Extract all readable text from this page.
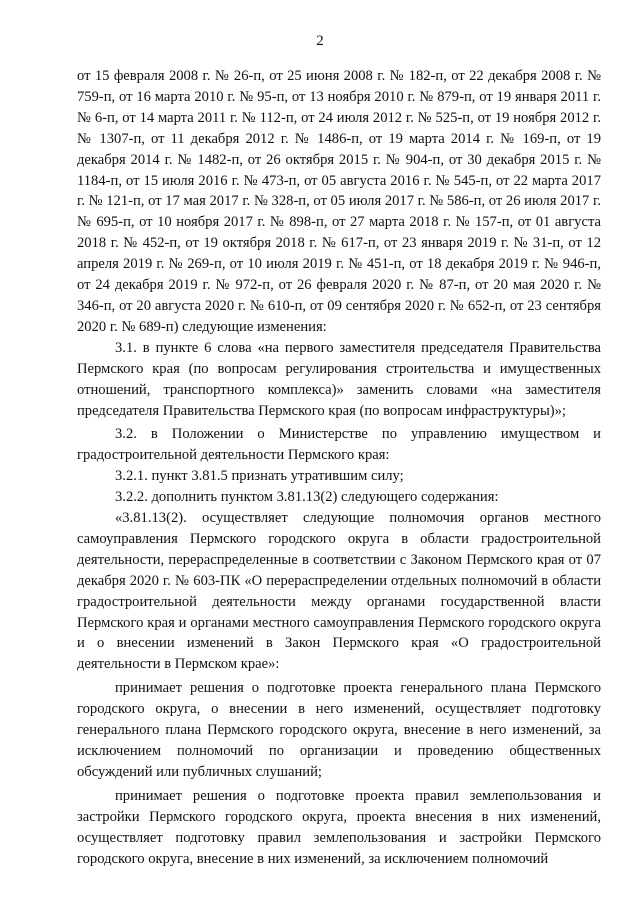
2

от 15 февраля 2008 г. № 26-п, от 25 июня 2008 г. № 182-п, от 22 декабря 2008 г. № 759-п, от 16 марта 2010 г. № 95-п, от 13 ноября 2010 г. № 879-п, от 19 января 2011 г. № 6-п, от 14 марта 2011 г. № 112-п, от 24 июля 2012 г. № 525-п, от 19 ноября 2012 г. № 1307-п, от 11 декабря 2012 г. № 1486-п, от 19 марта 2014 г. № 169-п, от 19 декабря 2014 г. № 1482-п, от 26 октября 2015 г. № 904-п, от 30 декабря 2015 г. № 1184-п, от 15 июля 2016 г. № 473-п, от 05 августа 2016 г. № 545-п, от 22 марта 2017 г. № 121-п, от 17 мая 2017 г. № 328-п, от 05 июля 2017 г. № 586-п, от 26 июля 2017 г. № 695-п, от 10 ноября 2017 г. № 898-п, от 27 марта 2018 г. № 157-п, от 01 августа 2018 г. № 452-п, от 19 октября 2018 г. № 617-п, от 23 января 2019 г. № 31-п, от 12 апреля 2019 г. № 269-п, от 10 июля 2019 г. № 451-п, от 18 декабря 2019 г. № 946-п, от 24 декабря 2019 г. № 972-п, от 26 февраля 2020 г. № 87-п, от 20 мая 2020 г. № 346-п, от 20 августа 2020 г. № 610-п, от 09 сентября 2020 г. № 652-п, от 23 сентября 2020 г. № 689-п) следующие изменения:

3.1. в пункте 6 слова «на первого заместителя председателя Правительства Пермского края (по вопросам регулирования строительства и имущественных отношений, транспортного комплекса)» заменить словами «на заместителя председателя Правительства Пермского края (по вопросам инфраструктуры)»;

3.2. в Положении о Министерстве по управлению имуществом и градостроительной деятельности Пермского края:

3.2.1. пункт 3.81.5 признать утратившим силу;

3.2.2. дополнить пунктом 3.81.13(2) следующего содержания:

«3.81.13(2). осуществляет следующие полномочия органов местного самоуправления Пермского городского округа в области градостроительной деятельности, перераспределенные в соответствии с Законом Пермского края от 07 декабря 2020 г. № 603-ПК «О перераспределении отдельных полномочий в области градостроительной деятельности между органами государственной власти Пермского края и органами местного самоуправления Пермского городского округа и о внесении изменений в Закон Пермского края «О градостроительной деятельности в Пермском крае»:

принимает решения о подготовке проекта генерального плана Пермского городского округа, о внесении в него изменений, осуществляет подготовку генерального плана Пермского городского округа, внесение в него изменений, за исключением полномочий по организации и проведению общественных обсуждений или публичных слушаний;

принимает решения о подготовке проекта правил землепользования и застройки Пермского городского округа, проекта внесения в них изменений, осуществляет подготовку правил землепользования и застройки Пермского городского округа, внесение в них изменений, за исключением полномочий
